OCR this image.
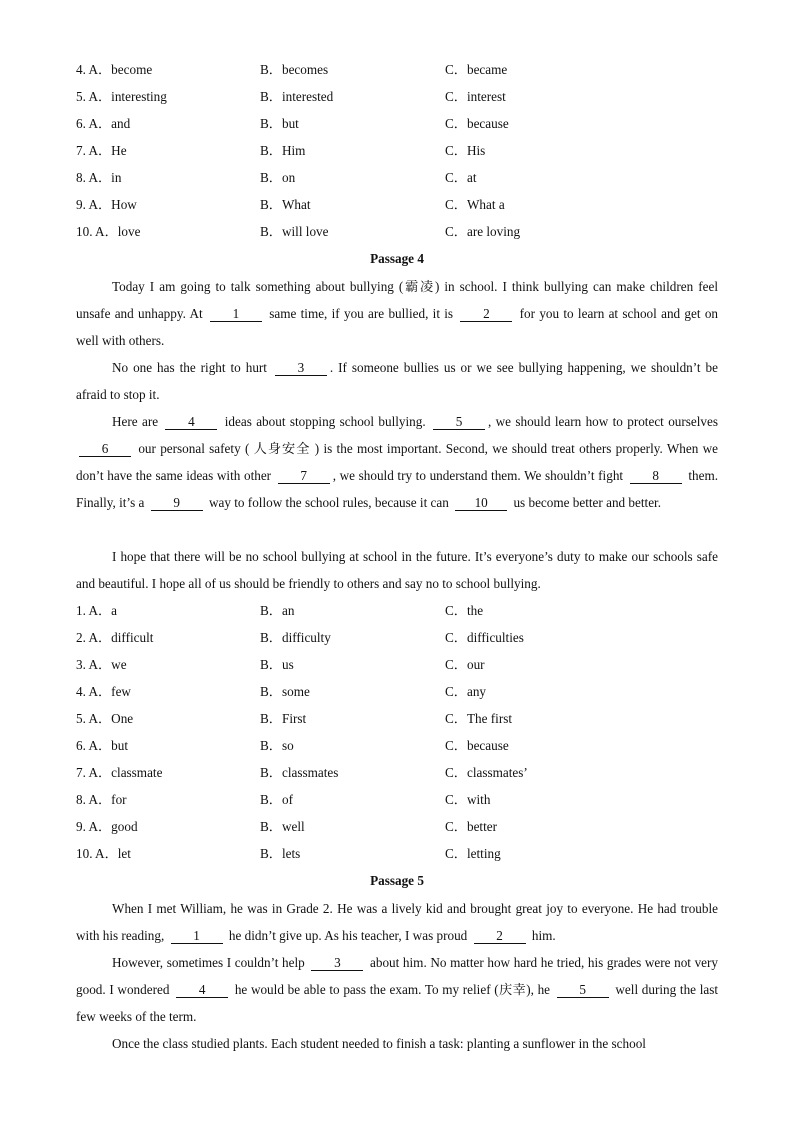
4. A．become	B．becomes	C．became
5. A．interesting	B．interested	C．interest
6. A．and	B．but	C．because
7. A．He	B．Him	C．His
8. A．in	B．on	C．at
9. A．How	B．What	C．What a
10. A．love	B．will love	C．are loving
Passage 4

Today I am going to talk something about bullying (霸凌) in school. I think bullying can make children feel unsafe and unhappy. At 1 same time, if you are bullied, it is 2 for you to learn at school and get on well with others.

No one has the right to hurt 3 . If someone bullies us or we see bullying happening, we shouldn’t be afraid to stop it.

Here are 4 ideas about stopping school bullying. 5 , we should learn how to protect ourselves 6 our personal safety ( 人身安全 ) is the most important. Second, we should treat others properly. When we don’t have the same ideas with other 7 , we should try to understand them. We shouldn’t fight 8 them. Finally, it’s a 9 way to follow the school rules, because it can 10 us become better and better.

I hope that there will be no school bullying at school in the future. It’s everyone’s duty to make our schools safe and beautiful. I hope all of us should be friendly to others and say no to school bullying.

1. A．a	B．an	C．the
2. A．difficult	B．difficulty	C．difficulties
3. A．we	B．us	C．our
4. A．few	B．some	C．any
5. A．One	B．First	C．The first
6. A．but	B．so	C．because
7. A．classmate	B．classmates	C．classmates’
8. A．for	B．of	C．with
9. A．good	B．well	C．better
10. A．let	B．lets	C．letting
Passage 5

When I met William, he was in Grade 2. He was a lively kid and brought great joy to everyone. He had trouble with his reading, 1 he didn’t give up. As his teacher, I was proud 2 him.

However, sometimes I couldn’t help 3 about him. No matter how hard he tried, his grades were not very good. I wondered 4 he would be able to pass the exam. To my relief (庆幸), he 5 well during the last few weeks of the term.

Once the class studied plants. Each student needed to finish a task: planting a sunflower in the school
